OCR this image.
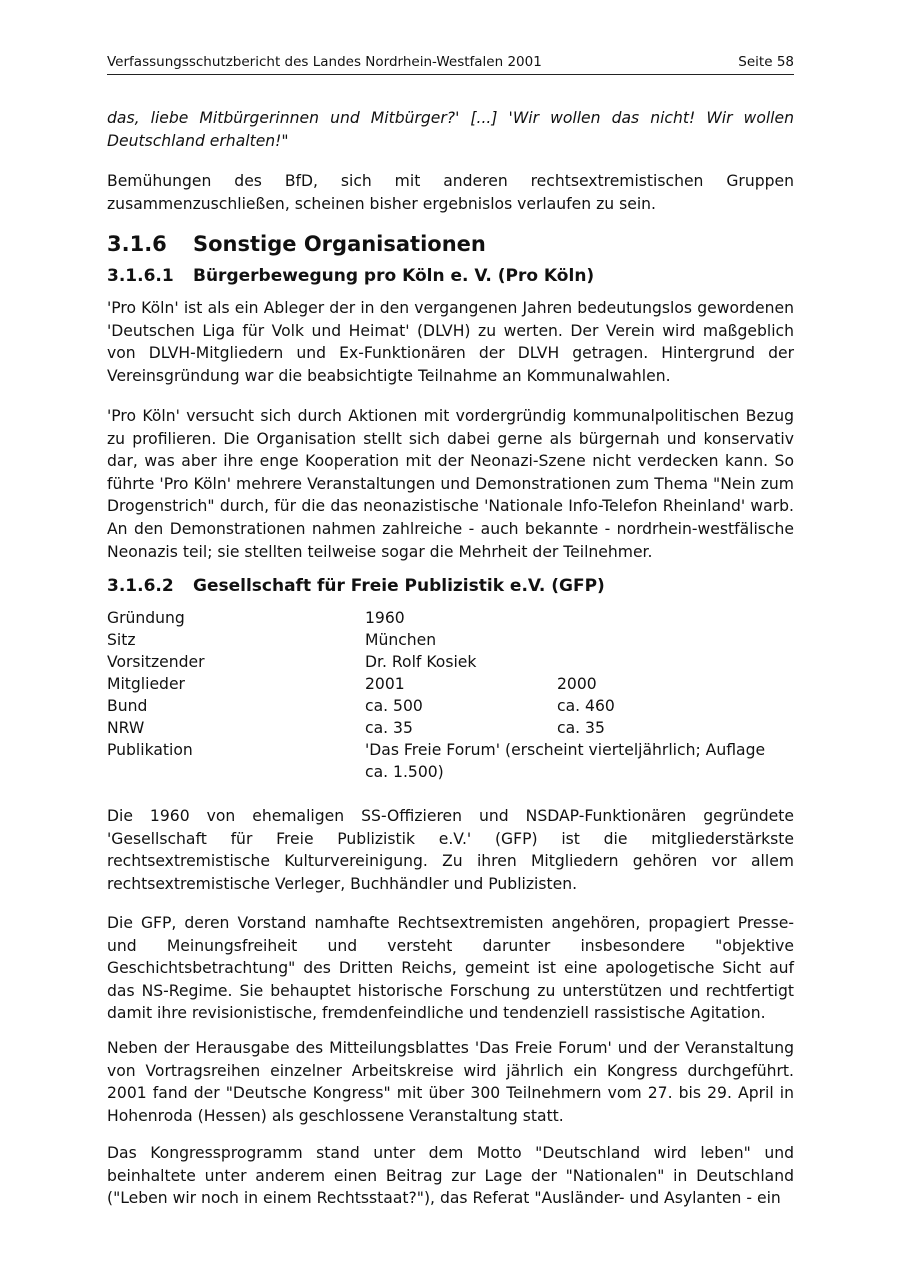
Verfassungsschutzbericht des Landes Nordrhein-Westfalen 2001	Seite 58
das, liebe Mitbürgerinnen und Mitbürger?' [...] 'Wir wollen das nicht! Wir wollen Deutschland erhalten!"
Bemühungen des BfD, sich mit anderen rechtsextremistischen Gruppen zusammenzuschließen, scheinen bisher ergebnislos verlaufen zu sein.
3.1.6 Sonstige Organisationen
3.1.6.1 Bürgerbewegung pro Köln e. V. (Pro Köln)
'Pro Köln' ist als ein Ableger der in den vergangenen Jahren bedeutungslos gewordenen 'Deutschen Liga für Volk und Heimat' (DLVH) zu werten. Der Verein wird maßgeblich von DLVH-Mitgliedern und Ex-Funktionären der DLVH getragen. Hintergrund der Vereinsgründung war die beabsichtigte Teilnahme an Kommunalwahlen.
'Pro Köln' versucht sich durch Aktionen mit vordergründig kommunalpolitischen Bezug zu profilieren. Die Organisation stellt sich dabei gerne als bürgernah und konservativ dar, was aber ihre enge Kooperation mit der Neonazi-Szene nicht verdecken kann. So führte 'Pro Köln' mehrere Veranstaltungen und Demonstrationen zum Thema "Nein zum Drogenstrich" durch, für die das neonazistische 'Nationale Info-Telefon Rheinland' warb. An den Demonstrationen nahmen zahlreiche - auch bekannte - nordrhein-westfälische Neonazis teil; sie stellten teilweise sogar die Mehrheit der Teilnehmer.
3.1.6.2 Gesellschaft für Freie Publizistik e.V. (GFP)
Gründung	1960
Sitz	München
Vorsitzender	Dr. Rolf Kosiek
Mitglieder	2001	2000
Bund	ca. 500	ca. 460
NRW	ca. 35	ca. 35
Publikation	'Das Freie Forum' (erscheint vierteljährlich; Auflage
ca. 1.500)
Die 1960 von ehemaligen SS-Offizieren und NSDAP-Funktionären gegründete 'Gesellschaft für Freie Publizistik e.V.' (GFP) ist die mitgliederstärkste rechtsextremistische Kulturvereinigung. Zu ihren Mitgliedern gehören vor allem rechtsextremistische Verleger, Buchhändler und Publizisten.
Die GFP, deren Vorstand namhafte Rechtsextremisten angehören, propagiert Presse- und Meinungsfreiheit und versteht darunter insbesondere "objektive Geschichtsbetrachtung" des Dritten Reichs, gemeint ist eine apologetische Sicht auf das NS-Regime. Sie behauptet historische Forschung zu unterstützen und rechtfertigt damit ihre revisionistische, fremdenfeindliche und tendenziell rassistische Agitation.
Neben der Herausgabe des Mitteilungsblattes 'Das Freie Forum' und der Veranstaltung von Vortragsreihen einzelner Arbeitskreise wird jährlich ein Kongress durchgeführt. 2001 fand der "Deutsche Kongress" mit über 300 Teilnehmern vom 27. bis 29. April in Hohenroda (Hessen) als geschlossene Veranstaltung statt.
Das Kongressprogramm stand unter dem Motto "Deutschland wird leben" und beinhaltete unter anderem einen Beitrag zur Lage der "Nationalen" in Deutschland ("Leben wir noch in einem Rechtsstaat?"), das Referat "Ausländer- und Asylanten - ein
